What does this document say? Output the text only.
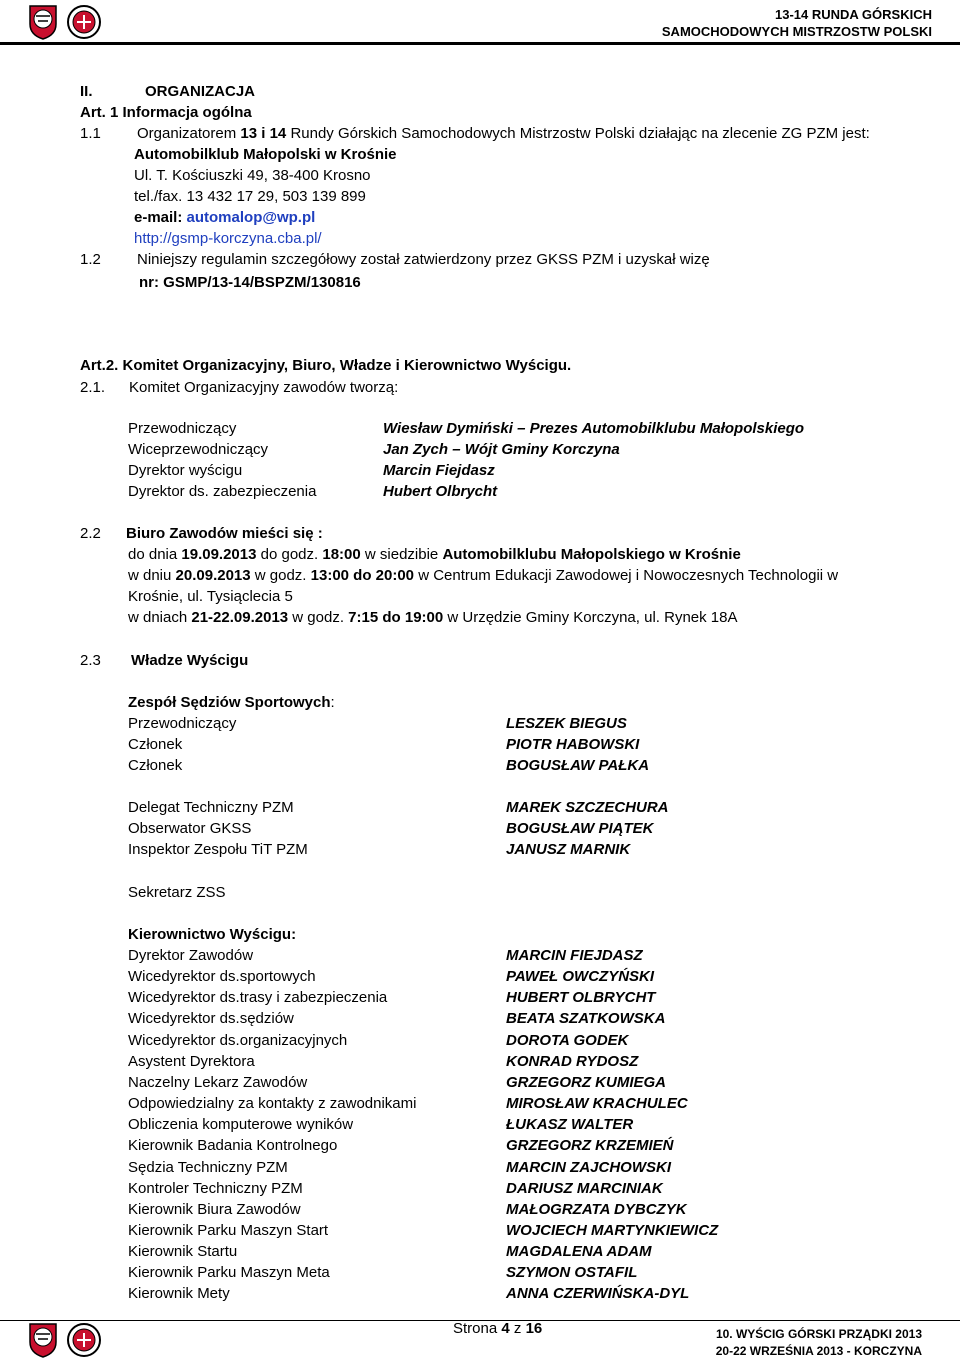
13-14 RUNDA GÓRSKICH
SAMOCHODOWYCH MISTRZOSTW POLSKI
II.	ORGANIZACJA
Art. 1 Informacja ogólna
1.1 Organizatorem 13 i 14 Rundy Górskich Samochodowych Mistrzostw Polski działając na zlecenie ZG PZM jest:
Automobilklub Małopolski w Krośnie
Ul. T. Kościuszki 49, 38-400 Krosno
tel./fax. 13 432 17 29, 503 139 899
e-mail: automalop@wp.pl
http://gsmp-korczyna.cba.pl/
1.2 Niniejszy regulamin szczegółowy został zatwierdzony przez GKSS PZM i uzyskał wizę
nr: GSMP/13-14/BSPZM/130816
Art.2. Komitet Organizacyjny, Biuro, Władze i Kierownictwo Wyścigu.
2.1. Komitet Organizacyjny zawodów tworzą:
Przewodniczący	Wiesław Dymiński – Prezes Automobilklubu Małopolskiego
Wiceprzewodniczący	Jan Zych – Wójt Gminy Korczyna
Dyrektor wyścigu	Marcin Fiejdasz
Dyrektor ds. zabezpieczenia	Hubert Olbrycht
2.2 Biuro Zawodów mieści się :
do dnia 19.09.2013 do godz. 18:00 w siedzibie Automobilklubu Małopolskiego w Krośnie
w dniu 20.09.2013 w godz. 13:00 do 20:00 w Centrum Edukacji Zawodowej i Nowoczesnych Technologii w
Krośnie, ul. Tysiąclecia 5
w dniach 21-22.09.2013 w godz. 7:15 do 19:00 w Urzędzie Gminy Korczyna, ul. Rynek 18A
2.3 Władze Wyścigu
Zespół Sędziów Sportowych:
Przewodniczący	LESZEK BIEGUS
Członek	PIOTR HABOWSKI
Członek	BOGUSŁAW PAŁKA
Delegat Techniczny PZM	MAREK SZCZECHURA
Obserwator GKSS	BOGUSŁAW PIĄTEK
Inspektor Zespołu TiT PZM	JANUSZ MARNIK
Sekretarz ZSS
Kierownictwo Wyścigu:
Dyrektor Zawodów	MARCIN FIEJDASZ
Wicedyrektor ds.sportowych	PAWEŁ OWCZYŃSKI
Wicedyrektor ds.trasy i zabezpieczenia	HUBERT OLBRYCHT
Wicedyrektor ds.sędziów	BEATA SZATKOWSKA
Wicedyrektor ds.organizacyjnych	DOROTA GODEK
Asystent Dyrektora	KONRAD RYDOSZ
Naczelny Lekarz Zawodów	GRZEGORZ KUMIEGA
Odpowiedzialny za kontakty z zawodnikami	MIROSŁAW KRACHULEC
Obliczenia komputerowe wyników	ŁUKASZ WALTER
Kierownik Badania Kontrolnego	GRZEGORZ KRZEMIEŃ
Sędzia Techniczny PZM	MARCIN ZAJCHOWSKI
Kontroler Techniczny PZM	DARIUSZ MARCINIAK
Kierownik Biura Zawodów	MAŁOGRZATA DYBCZYK
Kierownik Parku Maszyn Start	WOJCIECH MARTYNKIEWICZ
Kierownik Startu	MAGDALENA ADAM
Kierownik Parku Maszyn Meta	SZYMON OSTAFIL
Kierownik Mety	ANNA CZERWIŃSKA-DYL
Strona 4 z 16	10. WYŚCIG GÓRSKI PRZĄDKI 2013
20-22 WRZEŚNIA 2013 - KORCZYNA
